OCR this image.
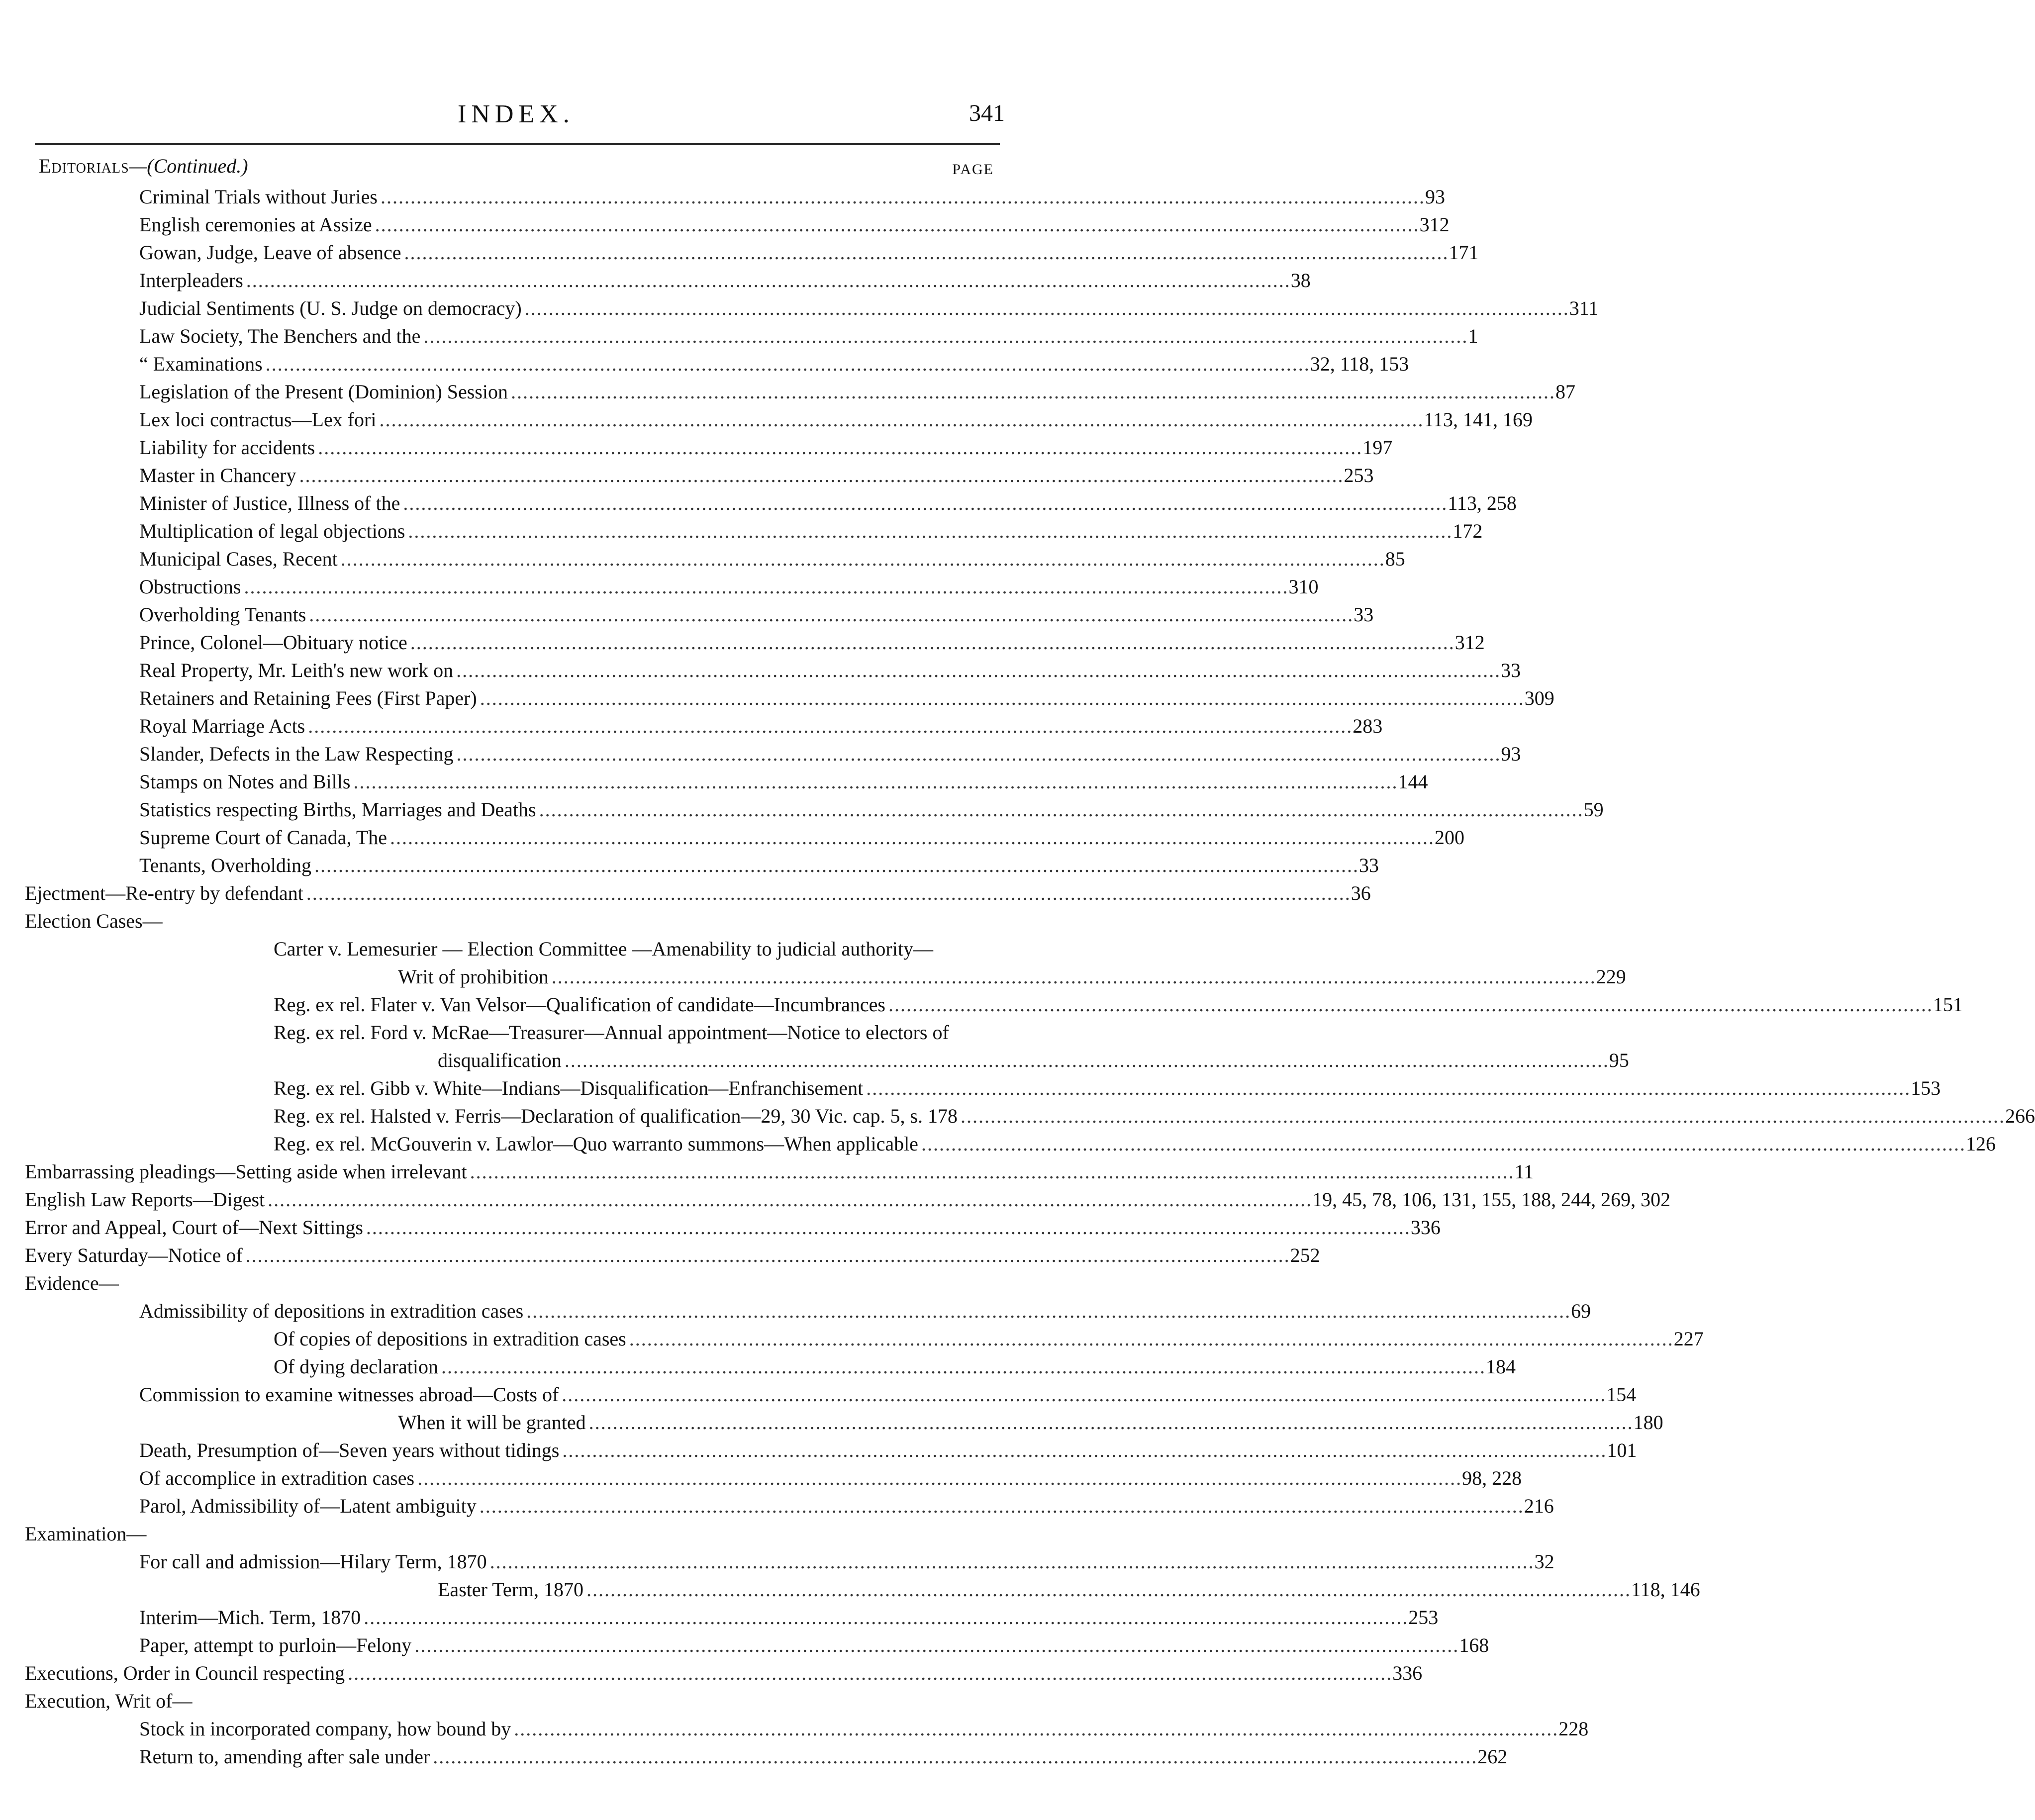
INDEX.	341
Editorials—(Continued.)	PAGE
Criminal Trials without Juries . . .	93
English ceremonies at Assize . . .	312
Gowan, Judge, Leave of absence . . .	171
Interpleaders . . .	38
Judicial Sentiments (U. S. Judge on democracy) . . .	311
Law Society, The Benchers and the . . .	1
“ Examinations . . .	32, 118, 153
Legislation of the Present (Dominion) Session . . .	87
Lex loci contractus—Lex fori . . .	113, 141, 169
Liability for accidents . . .	197
Master in Chancery . . .	253
Minister of Justice, Illness of the . . .	113, 258
Multiplication of legal objections . . .	172
Municipal Cases, Recent . . .	85
Obstructions . . .	310
Overholding Tenants . . .	33
Prince, Colonel—Obituary notice . . .	312
Real Property, Mr. Leith's new work on . . .	33
Retainers and Retaining Fees (First Paper) . . .	309
Royal Marriage Acts . . .	283
Slander, Defects in the Law Respecting . . .	93
Stamps on Notes and Bills . . .	144
Statistics respecting Births, Marriages and Deaths . . .	59
Supreme Court of Canada, The . . .	200
Tenants, Overholding . . .	33
Ejectment—Re-entry by defendant . . .	36
Election Cases—
Carter v. Lemesurier — Election Committee —Amenability to judicial authority—
Writ of prohibition . . .	229
Reg. ex rel. Flater v. Van Velsor—Qualification of candidate—Incumbrances . . .	151
Reg. ex rel. Ford v. McRae—Treasurer—Annual appointment—Notice to electors of
disqualification . . .	95
Reg. ex rel. Gibb v. White—Indians—Disqualification—Enfranchisement . . .	153
Reg. ex rel. Halsted v. Ferris—Declaration of qualification—29, 30 Vic. cap. 5, s. 178 . . .	266
Reg. ex rel. McGouverin v. Lawlor—Quo warranto summons—When applicable . . .	126
Embarrassing pleadings—Setting aside when irrelevant . . .	11
English Law Reports—Digest . . .	19, 45, 78, 106, 131, 155, 188, 244, 269, 302
Error and Appeal, Court of—Next Sittings . . .	336
Every Saturday—Notice of . . .	252
Evidence—
Admissibility of depositions in extradition cases . . .	69
Of copies of depositions in extradition cases . . .	227
Of dying declaration . . .	184
Commission to examine witnesses abroad—Costs of . . .	154
When it will be granted . . .	180
Death, Presumption of—Seven years without tidings . . .	101
Of accomplice in extradition cases . . .	98, 228
Parol, Admissibility of—Latent ambiguity . . .	216
Examination—
For call and admission—Hilary Term, 1870 . . .	32
Easter Term, 1870 . . .	118, 146
Interim—Mich. Term, 1870 . . .	253
Paper, attempt to purloin—Felony . . .	168
Executions, Order in Council respecting . . .	336
Execution, Writ of—
Stock in incorporated company, how bound by . . .	228
Return to, amending after sale under . . .	262
